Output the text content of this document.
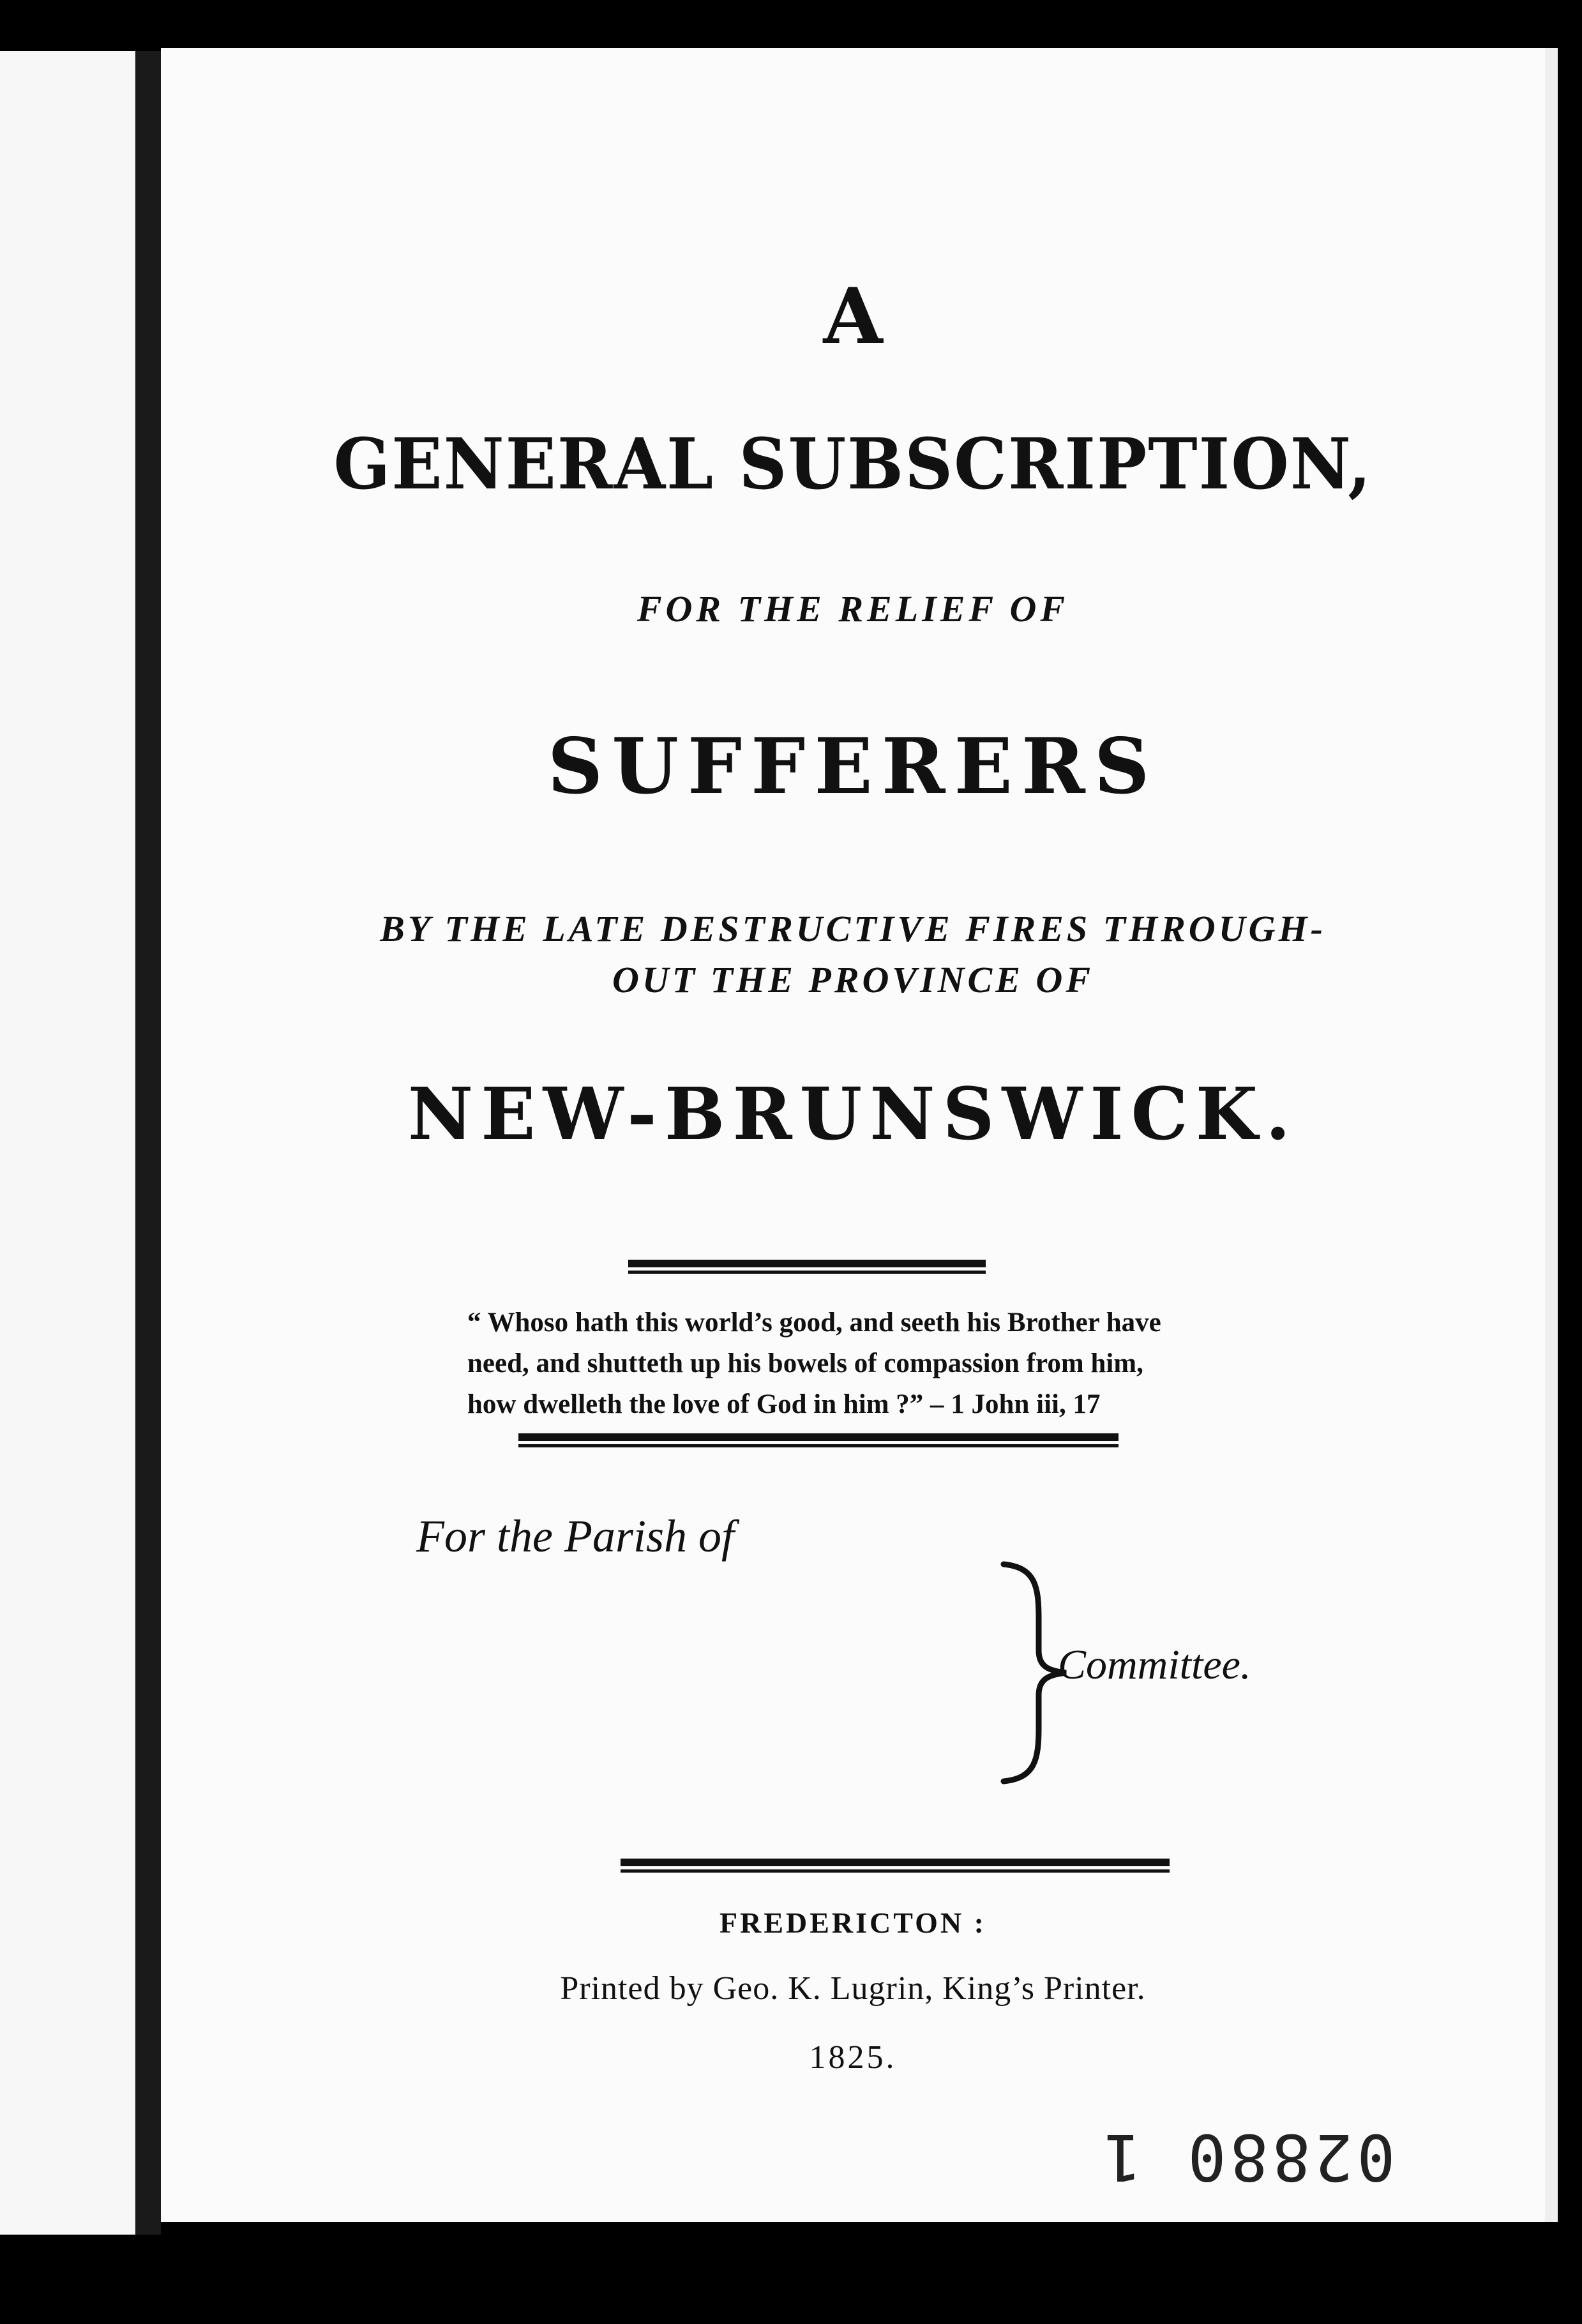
A
GENERAL SUBSCRIPTION,
FOR THE RELIEF OF
SUFFERERS
BY THE LATE DESTRUCTIVE FIRES THROUGH-
OUT THE PROVINCE OF
NEW-BRUNSWICK.
“ Whoso hath this world’s good, and seeth his Brother have
need, and shutteth up his bowels of compassion from him,
how dwelleth the love of God in him ?” – 1 John iii, 17
For the Parish of
Committee.
FREDERICTON :
Printed by Geo. K. Lugrin, King’s Printer.
1825.
02880 1
